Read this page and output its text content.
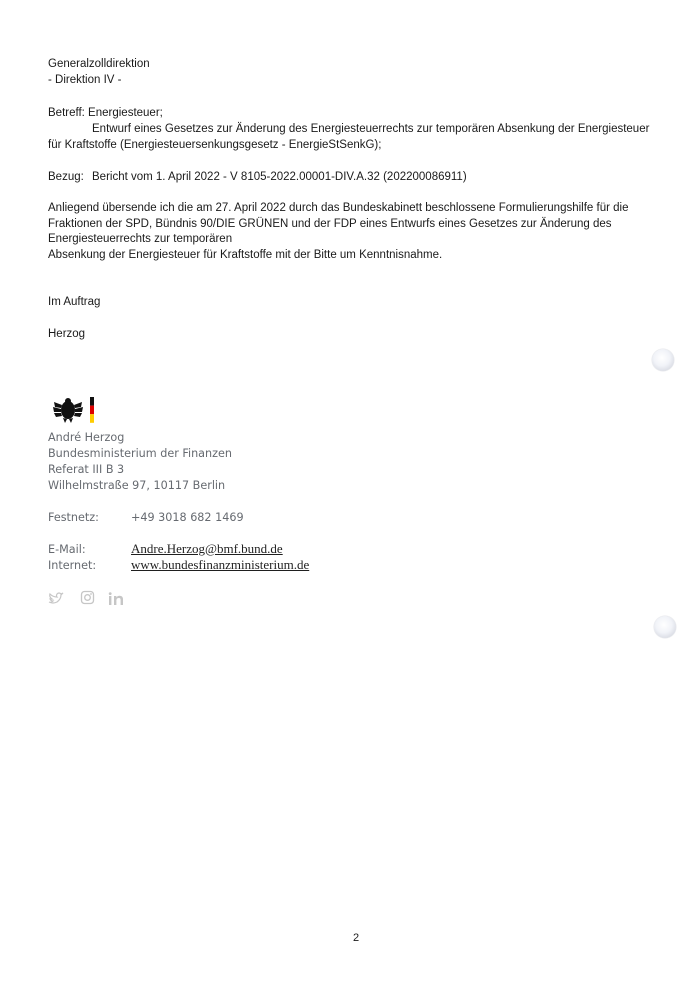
Generalzolldirektion
- Direktion IV -
Betreff: Energiesteuer;
Entwurf eines Gesetzes zur Änderung des Energiesteuerrechts zur temporären Absenkung der Energiesteuer
für Kraftstoffe (Energiesteuersenkungsgesetz - EnergieStSenkG);
Bezug: Bericht vom 1. April 2022 - V 8105-2022.00001-DIV.A.32 (202200086911)
Anliegend übersende ich die am 27. April 2022 durch das Bundeskabinett beschlossene Formulierungshilfe für die
Fraktionen der SPD, Bündnis 90/DIE GRÜNEN und der FDP eines Entwurfs eines Gesetzes zur Änderung des
Energiesteuerrechts zur temporären
Absenkung der Energiesteuer für Kraftstoffe mit der Bitte um Kenntnisnahme.
Im Auftrag
Herzog
André Herzog
Bundesministerium der Finanzen
Referat III B 3
Wilhelmstraße 97, 10117 Berlin
Festnetz:	+49 3018 682 1469
E-Mail:	Andre.Herzog@bmf.bund.de
Internet:	www.bundesfinanzministerium.de
2
